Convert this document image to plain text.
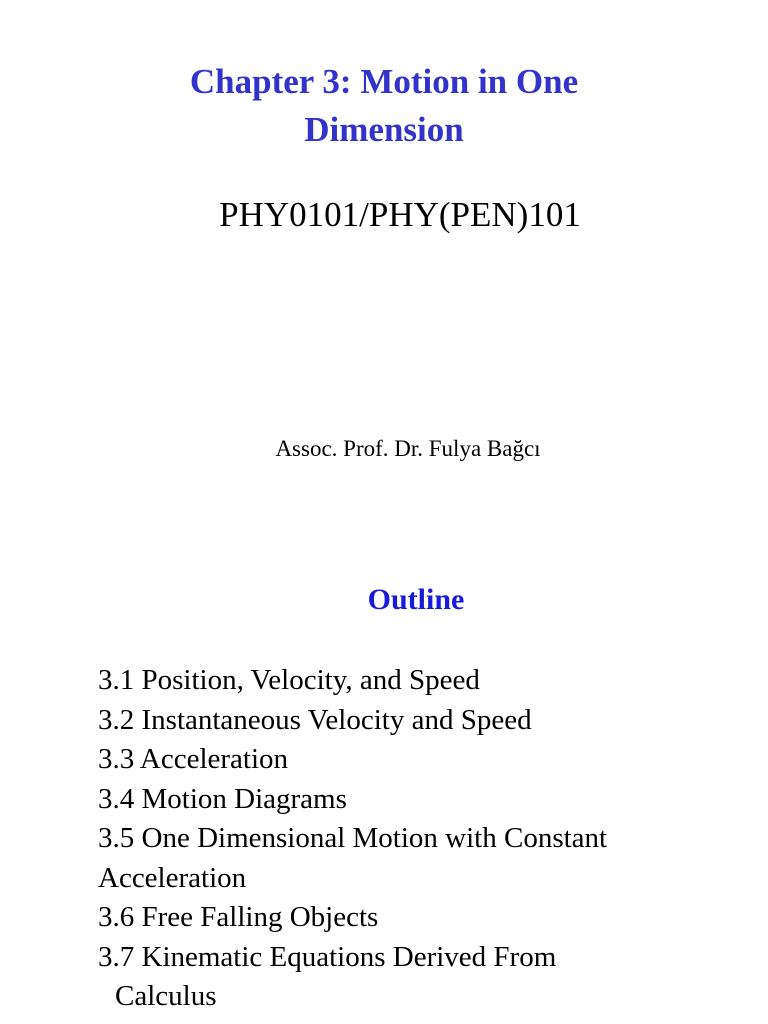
Chapter 3: Motion in One
Dimension
PHY0101/PHY(PEN)101
Assoc. Prof. Dr. Fulya Bağcı
Outline
3.1 Position, Velocity, and Speed
3.2 Instantaneous Velocity and Speed
3.3 Acceleration
3.4 Motion Diagrams
3.5 One Dimensional Motion with Constant
Acceleration
3.6 Free Falling Objects
3.7 Kinematic Equations Derived From
Calculus
